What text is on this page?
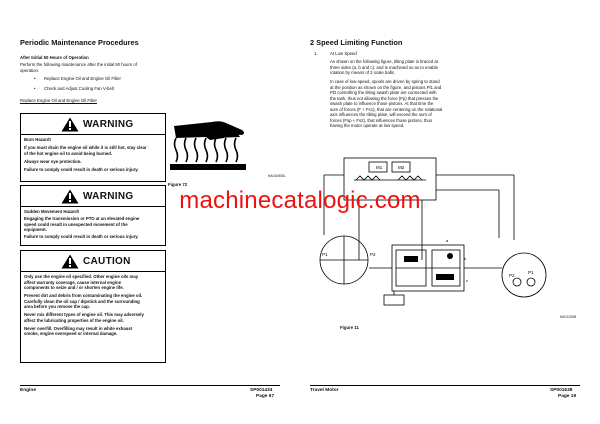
Periodic Maintenance Procedures
After Initial 50 Hours of Operation
Perform the following maintenance after the initial 50 hours of
operation.
• Replace Engine Oil and Engine Oil Filter
• Check and Adjust Cooling Fan V-belt
Replace Engine Oil and Engine Oil Filter
WARNING
Burn Hazard!
If you must drain the engine oil while it is still hot, stay clear
of the hot engine oil to avoid being burned.
Always wear eye protection.
Failure to comply could result in death or serious injury.
WARNING
Sudden Movement Hazard!
Engaging the transmission or PTO at an elevated engine
speed could result in unexpected movement of the
equipment.
Failure to comply could result in death or serious injury.
CAUTION
Only use the engine oil specified. Other engine oils may
affect warranty coverage, cause internal engine
components to seize and / or shorten engine life.
Prevent dirt and debris from contaminating the engine oil.
Carefully clean the oil cap / dipstick and the surrounding
area before you remove the cap.
Never mix different types of engine oil. This may adversely
affect the lubricating properties of the engine oil.
Never overfill. Overfilling may result in white exhaust
smoke, engine overspeed or internal damage.
HAOA4920L
Figure 72
Engine	SP001434
Page 67
2 Speed Limiting Function
1.	At Low Speed
As shown on the following figure, tilting plate is braced at
three sides (a, b and c), and is machined so as to enable
rotation by means of 2 scale balls.
In case of low-speed, spools are driven by spring to stand
at the position as shown on the figure, and pistons Pl1 and
Pl2 controlling the tilting swash plate are connected with
the tank, thus not allowing the force (Fp) that presses the
swash plate to influence those pistons. At that time the
sum of forces (F + Fs1), that are centering on the rotational
axis influences the tilting plate, will exceed the sum of
forces (Fsp + Fs2), that influences those pistons, thus
having the motor operate at low speed.
M1	M2
a
b
c
P1	P2
P2
P1
HAOC0505
Figure 11
Travel Motor	SP001638
Page 19
machinecatalogic.com
